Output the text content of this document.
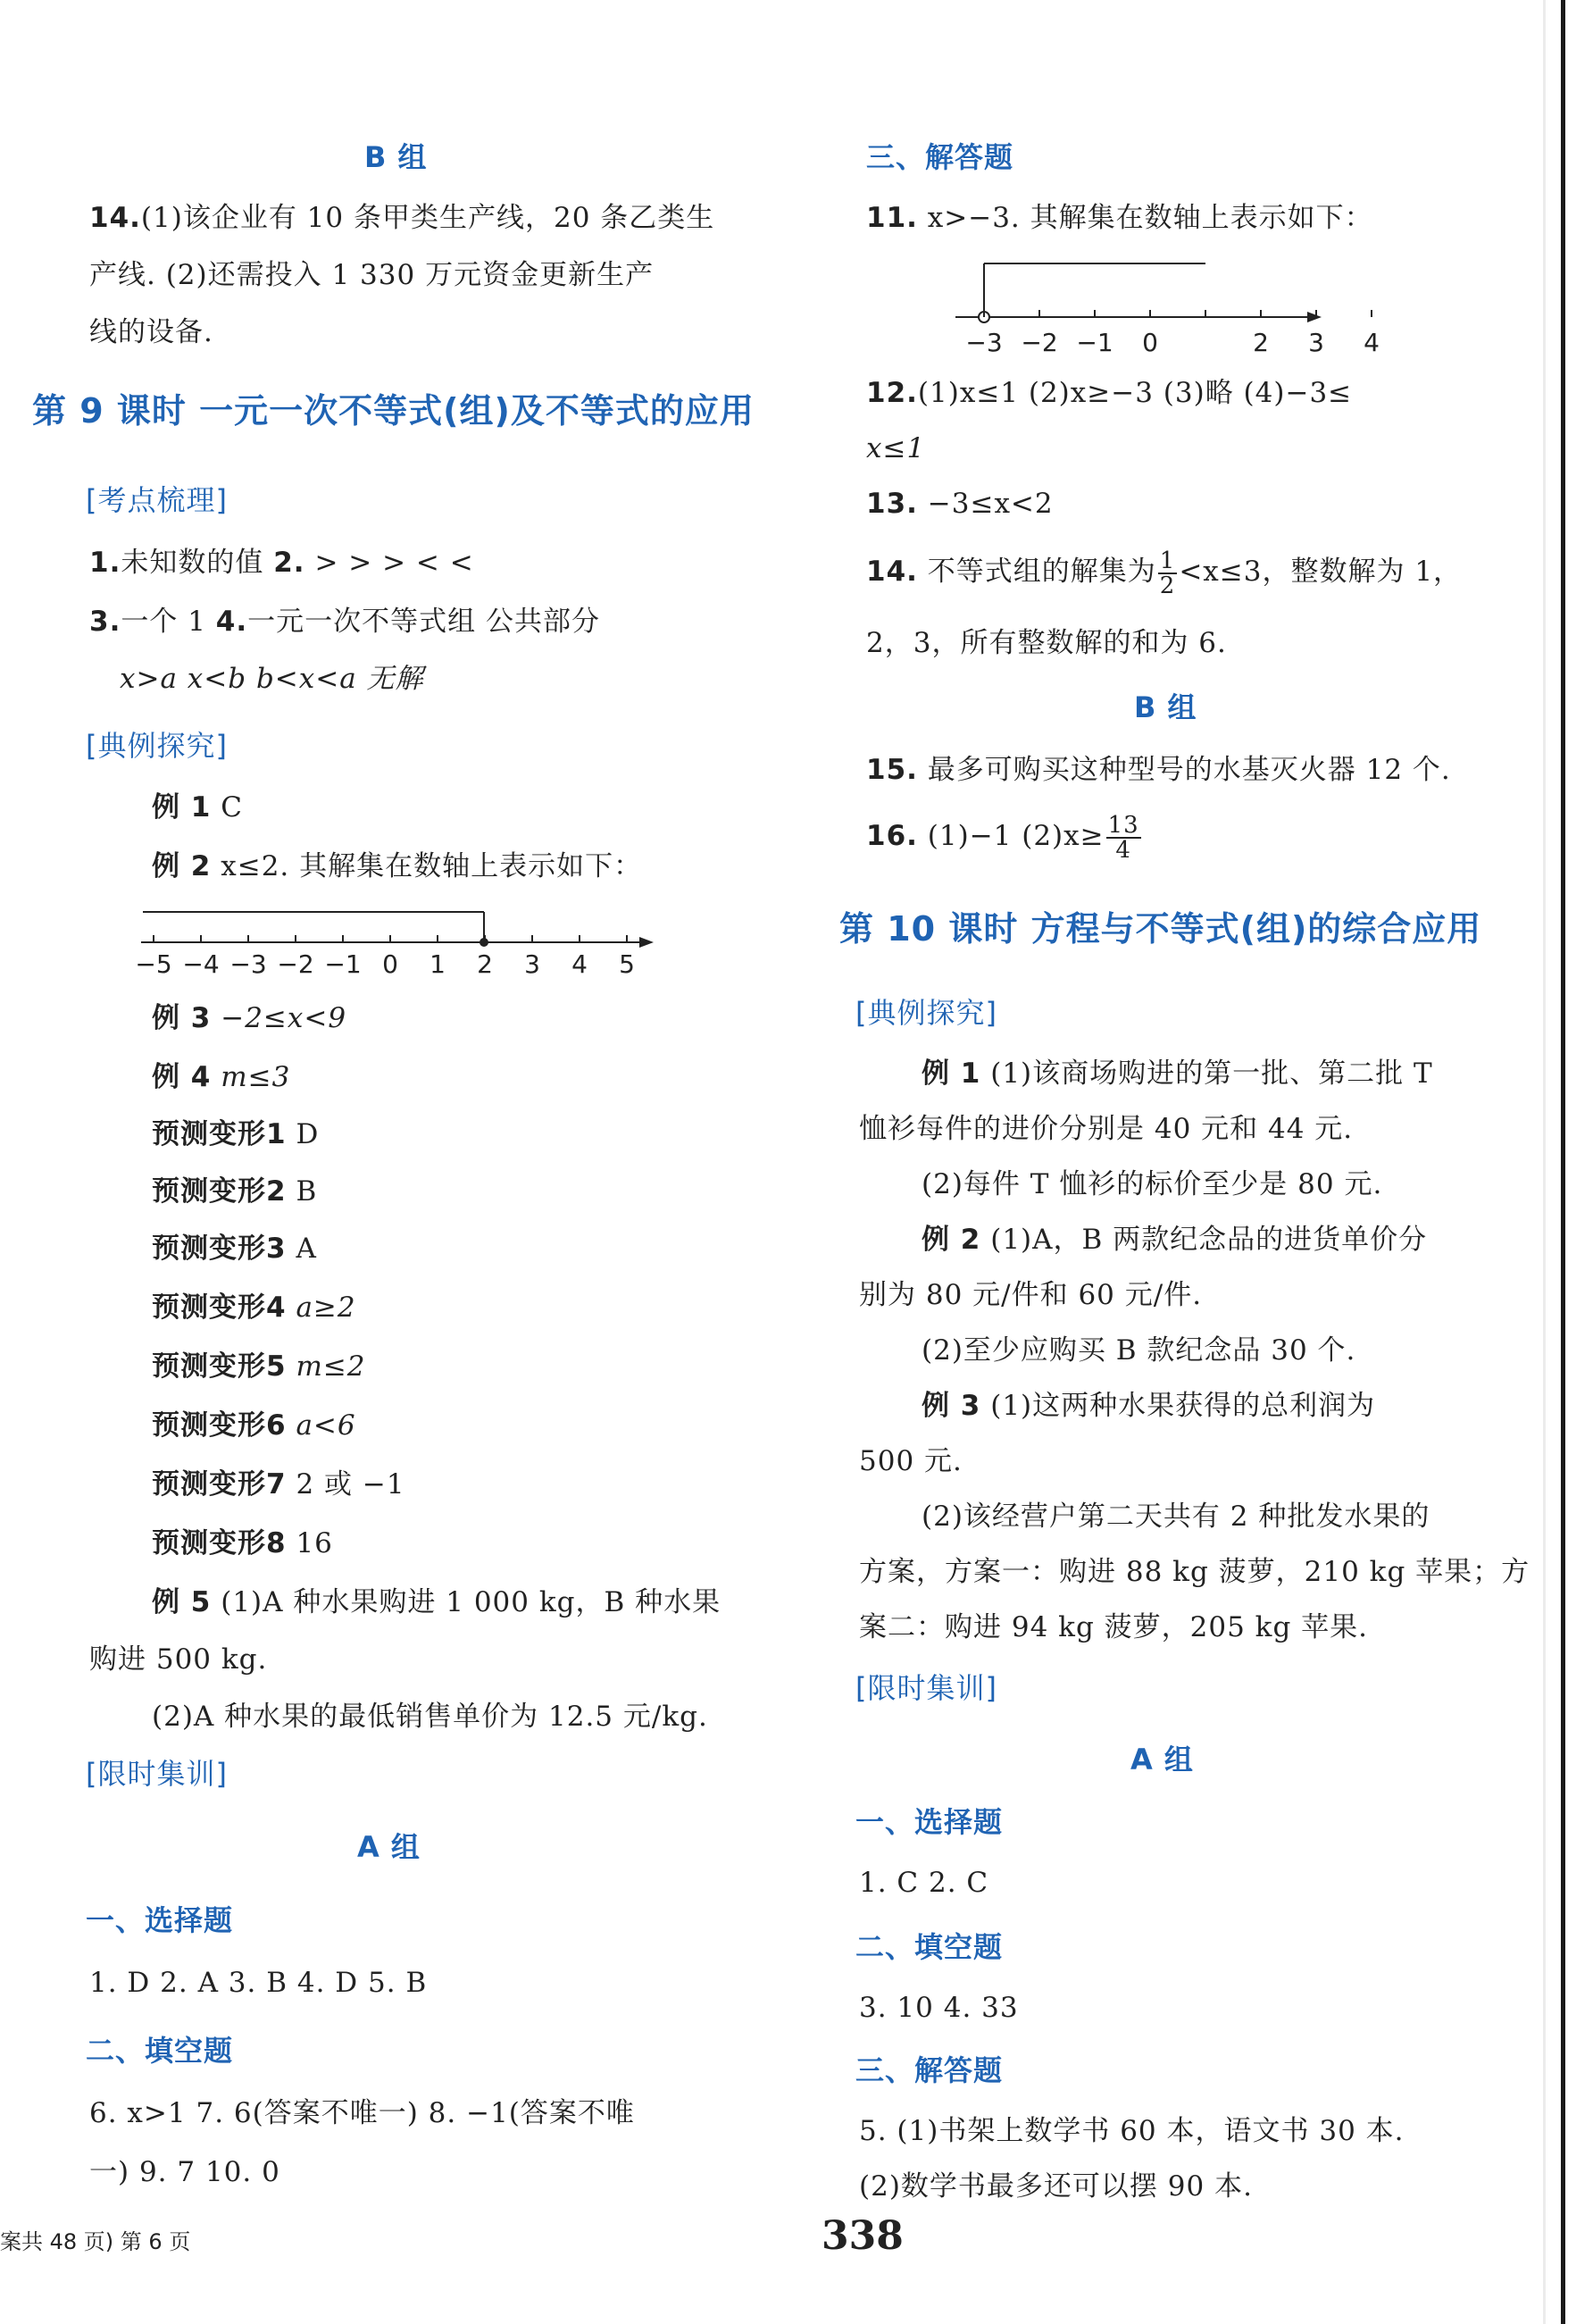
B 组
14.(1)该企业有 10 条甲类生产线，20 条乙类生
产线. (2)还需投入 1 330 万元资金更新生产
线的设备.
第 9 课时 一元一次不等式(组)及不等式的应用
[考点梳理]
1.未知数的值 2. > > > < <
3.一个 1 4.一元一次不等式组 公共部分
x>a x<b b<x<a 无解
[典例探究]
例 1 C
例 2 x≤2. 其解集在数轴上表示如下：
−5 −4 −3 −2 −1 0 1 2 3 4 5
例 3 −2≤x<9
例 4 m≤3
预测变形1 D
预测变形2 B
预测变形3 A
预测变形4 a≥2
预测变形5 m≤2
预测变形6 a<6
预测变形7 2 或 −1
预测变形8 16
例 5 (1)A 种水果购进 1 000 kg，B 种水果
购进 500 kg.
(2)A 种水果的最低销售单价为 12.5 元/kg.
[限时集训]
A 组
一、选择题
1. D 2. A 3. B 4. D 5. B
二、填空题
6. x>1 7. 6(答案不唯一) 8. −1(答案不唯
一) 9. 7 10. 0
三、解答题
11. x>−3. 其解集在数轴上表示如下：
−3 −2 −1 0	2 3 4
12.(1)x≤1 (2)x≥−3 (3)略 (4)−3≤
x≤1
13. −3≤x<2
14. 不等式组的解集为 $\frac{1}{2} <x\le 3$，整数解为 1，
2，3，所有整数解的和为 6.
B 组
15. 最多可购买这种型号的水基灭火器 12 个.
16. (1)−1 $(2)x\ge \frac{13}{4}$
第 10 课时 方程与不等式(组)的综合应用
[典例探究]
例 1 (1)该商场购进的第一批、第二批 T
恤衫每件的进价分别是 40 元和 44 元.
(2)每件 T 恤衫的标价至少是 80 元.
例 2 (1)A，B 两款纪念品的进货单价分
别为 80 元/件和 60 元/件.
(2)至少应购买 B 款纪念品 30 个.
例 3 (1)这两种水果获得的总利润为
500 元.
(2)该经营户第二天共有 2 种批发水果的
方案，方案一：购进 88 kg 菠萝，210 kg 苹果；方
案二：购进 94 kg 菠萝，205 kg 苹果.
[限时集训]
A 组
一、选择题
1. C 2. C
二、填空题
3. 10 4. 33
三、解答题
5. (1)书架上数学书 60 本，语文书 30 本.
(2)数学书最多还可以摆 90 本.
338
案共 48 页) 第 6 页
